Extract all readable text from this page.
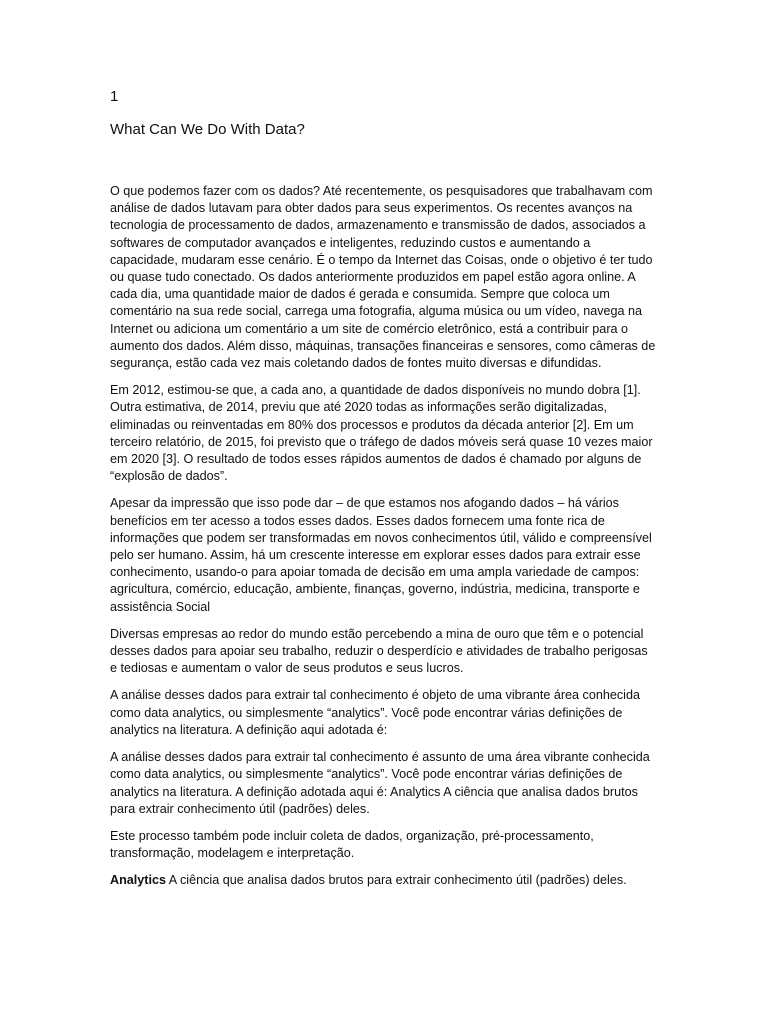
1
What Can We Do With Data?

O que podemos fazer com os dados? Até recentemente, os pesquisadores que trabalhavam com análise de dados lutavam para obter dados para seus experimentos. Os recentes avanços na tecnologia de processamento de dados, armazenamento e transmissão de dados, associados a softwares de computador avançados e inteligentes, reduzindo custos e aumentando a capacidade, mudaram esse cenário. É o tempo da Internet das Coisas, onde o objetivo é ter tudo ou quase tudo conectado. Os dados anteriormente produzidos em papel estão agora online. A cada dia, uma quantidade maior de dados é gerada e consumida. Sempre que coloca um comentário na sua rede social, carrega uma fotografia, alguma música ou um vídeo, navega na Internet ou adiciona um comentário a um site de comércio eletrônico, está a contribuir para o aumento dos dados. Além disso, máquinas, transações financeiras e sensores, como câmeras de segurança, estão cada vez mais coletando dados de fontes muito diversas e difundidas.

Em 2012, estimou-se que, a cada ano, a quantidade de dados disponíveis no mundo dobra [1]. Outra estimativa, de 2014, previu que até 2020 todas as informações serão digitalizadas, eliminadas ou reinventadas em 80% dos processos e produtos da década anterior [2]. Em um terceiro relatório, de 2015, foi previsto que o tráfego de dados móveis será quase 10 vezes maior em 2020 [3]. O resultado de todos esses rápidos aumentos de dados é chamado por alguns de “explosão de dados”.

Apesar da impressão que isso pode dar – de que estamos nos afogando dados – há vários benefícios em ter acesso a todos esses dados. Esses dados fornecem uma fonte rica de informações que podem ser transformadas em novos conhecimentos útil, válido e compreensível pelo ser humano. Assim, há um crescente interesse em explorar esses dados para extrair esse conhecimento, usando-o para apoiar tomada de decisão em uma ampla variedade de campos: agricultura, comércio, educação, ambiente, finanças, governo, indústria, medicina, transporte e assistência Social

Diversas empresas ao redor do mundo estão percebendo a mina de ouro que têm e o potencial desses dados para apoiar seu trabalho, reduzir o desperdício e atividades de trabalho perigosas e tediosas e aumentam o valor de seus produtos e seus lucros.

A análise desses dados para extrair tal conhecimento é objeto de uma vibrante área conhecida como data analytics, ou simplesmente “analytics”. Você pode encontrar várias definições de analytics na literatura. A definição aqui adotada é:

A análise desses dados para extrair tal conhecimento é assunto de uma área vibrante conhecida como data analytics, ou simplesmente “analytics”. Você pode encontrar várias definições de analytics na literatura. A definição adotada aqui é: Analytics A ciência que analisa dados brutos para extrair conhecimento útil (padrões) deles.

Este processo também pode incluir coleta de dados, organização, pré-processamento, transformação, modelagem e interpretação.

Analytics A ciência que analisa dados brutos para extrair conhecimento útil (padrões) deles.
